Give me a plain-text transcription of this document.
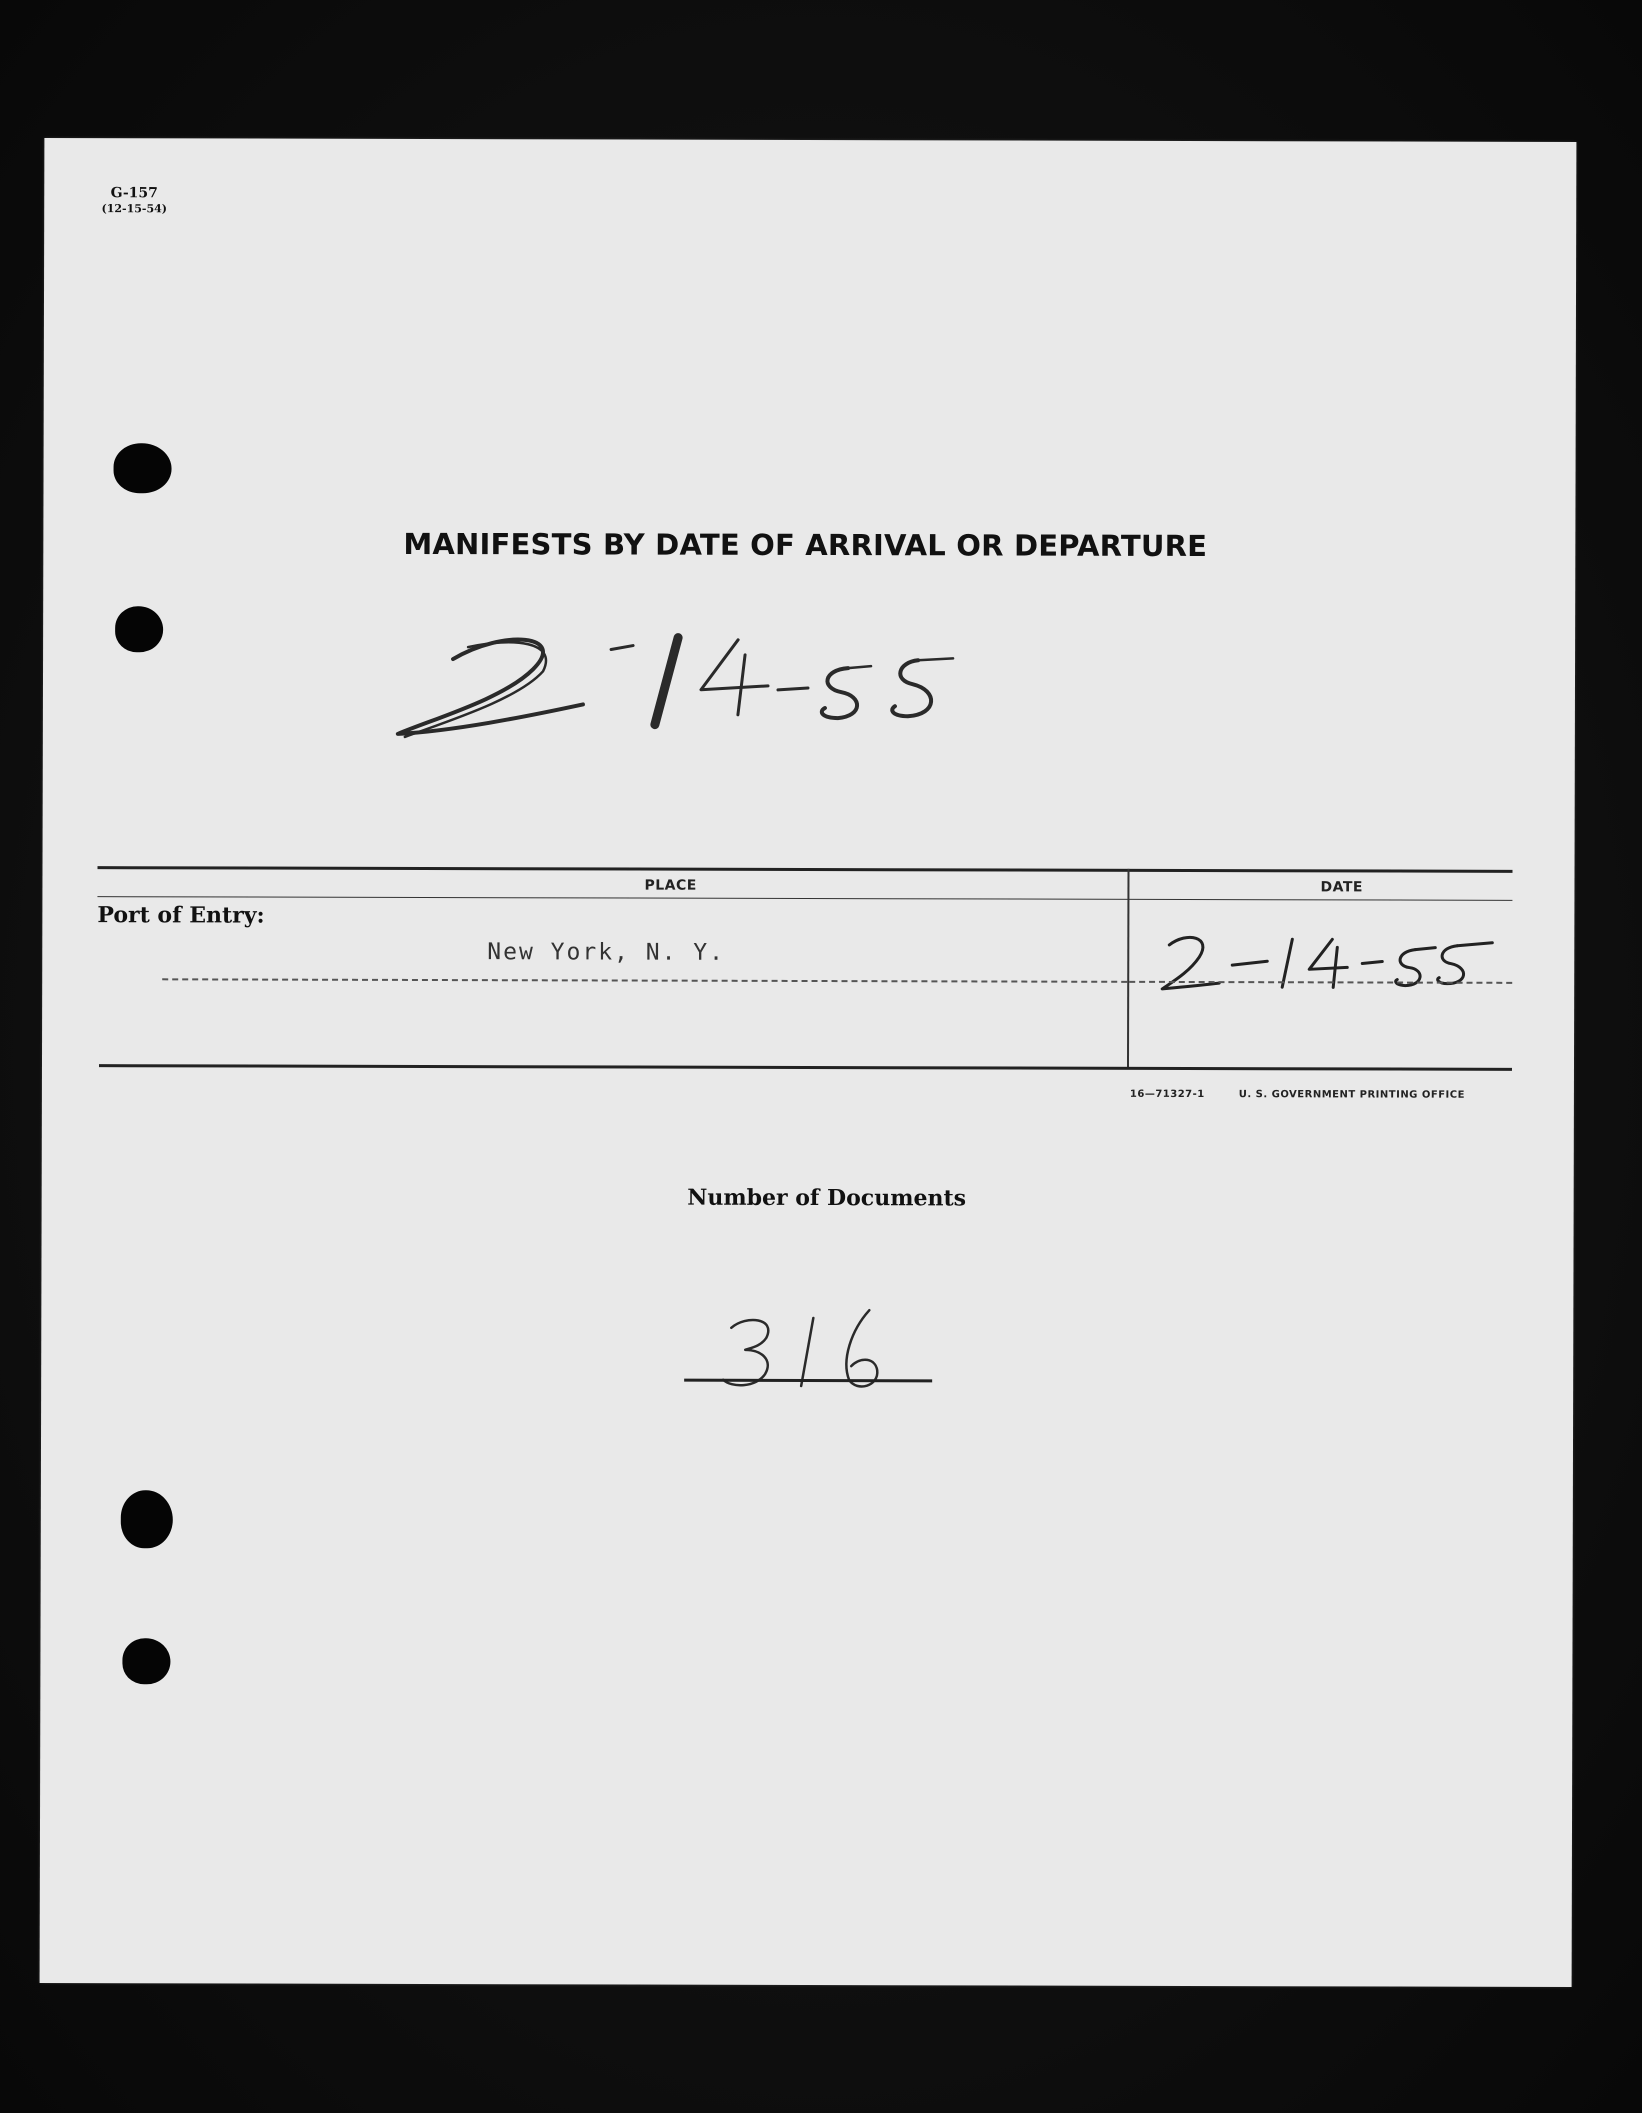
G-157
(12-15-54)
MANIFESTS BY DATE OF ARRIVAL OR DEPARTURE
PLACE	DATE
Port of Entry:
New York, N. Y.
16—71327-1	U. S. GOVERNMENT PRINTING OFFICE
Number of Documents
